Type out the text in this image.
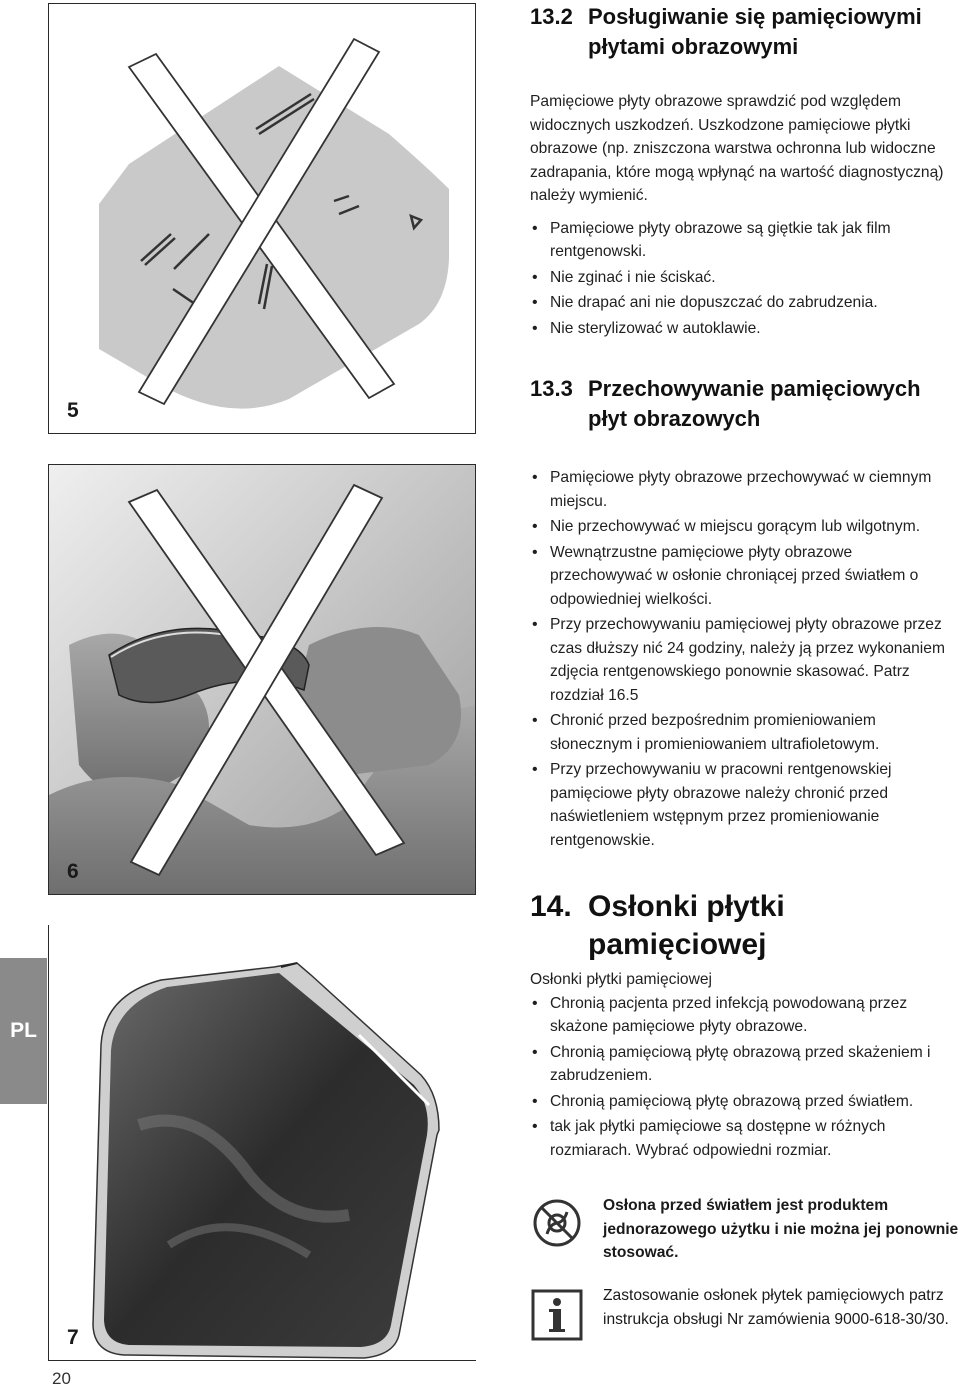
PL
20
5
6
7
13.2 Posługiwanie się pamięciowymi płytami obrazowymi

Pamięciowe płyty obrazowe sprawdzić pod względem widocznych uszkodzeń. Uszkodzone pamięciowe płytki obrazowe (np. zniszczona warstwa ochronna lub widoczne zadrapania, które mogą wpłynąć na wartość diagnostyczną) należy wymienić.

• Pamięciowe płyty obrazowe są giętkie tak jak film rentgenowski.
• Nie zginać i nie ściskać.
• Nie drapać ani nie dopuszczać do zabrudzenia.
• Nie sterylizować w autoklawie.
13.3 Przechowywanie pamięciowych płyt obrazowych
• Pamięciowe płyty obrazowe przechowywać w ciemnym miejscu.
• Nie przechowywać w miejscu gorącym lub wilgotnym.
• Wewnątrzustne pamięciowe płyty obrazowe przechowywać w osłonie chroniącej przed światłem o odpowiedniej wielkości.
• Przy przechowywaniu pamięciowej płyty obrazowe przez czas dłuższy nić 24 godziny, należy ją przez wykonaniem zdjęcia rentgenowskiego ponownie skasować. Patrz rozdział 16.5
• Chronić przed bezpośrednim promieniowaniem słonecznym i promieniowaniem ultrafioletowym.
• Przy przechowywaniu w pracowni rentgenowskiej pamięciowe płyty obrazowe należy chronić przed naświetleniem wstępnym przez promieniowanie rentgenowskie.
14. Osłonki płytki pamięciowej

Osłonki płytki pamięciowej

• Chronią pacjenta przed infekcją powodowaną przez skażone pamięciowe płyty obrazowe.
• Chronią pamięciową płytę obrazową przed skażeniem i zabrudzeniem.
• Chronią pamięciową płytę obrazową przed światłem.
• tak jak płytki pamięciowe są dostępne w różnych rozmiarach. Wybrać odpowiedni rozmiar.
Osłona przed światłem jest produktem jednorazowego użytku i nie można jej ponownie stosować.
Zastosowanie osłonek płytek pamięciowych patrz instrukcja obsługi Nr zamówienia 9000-618-30/30.
